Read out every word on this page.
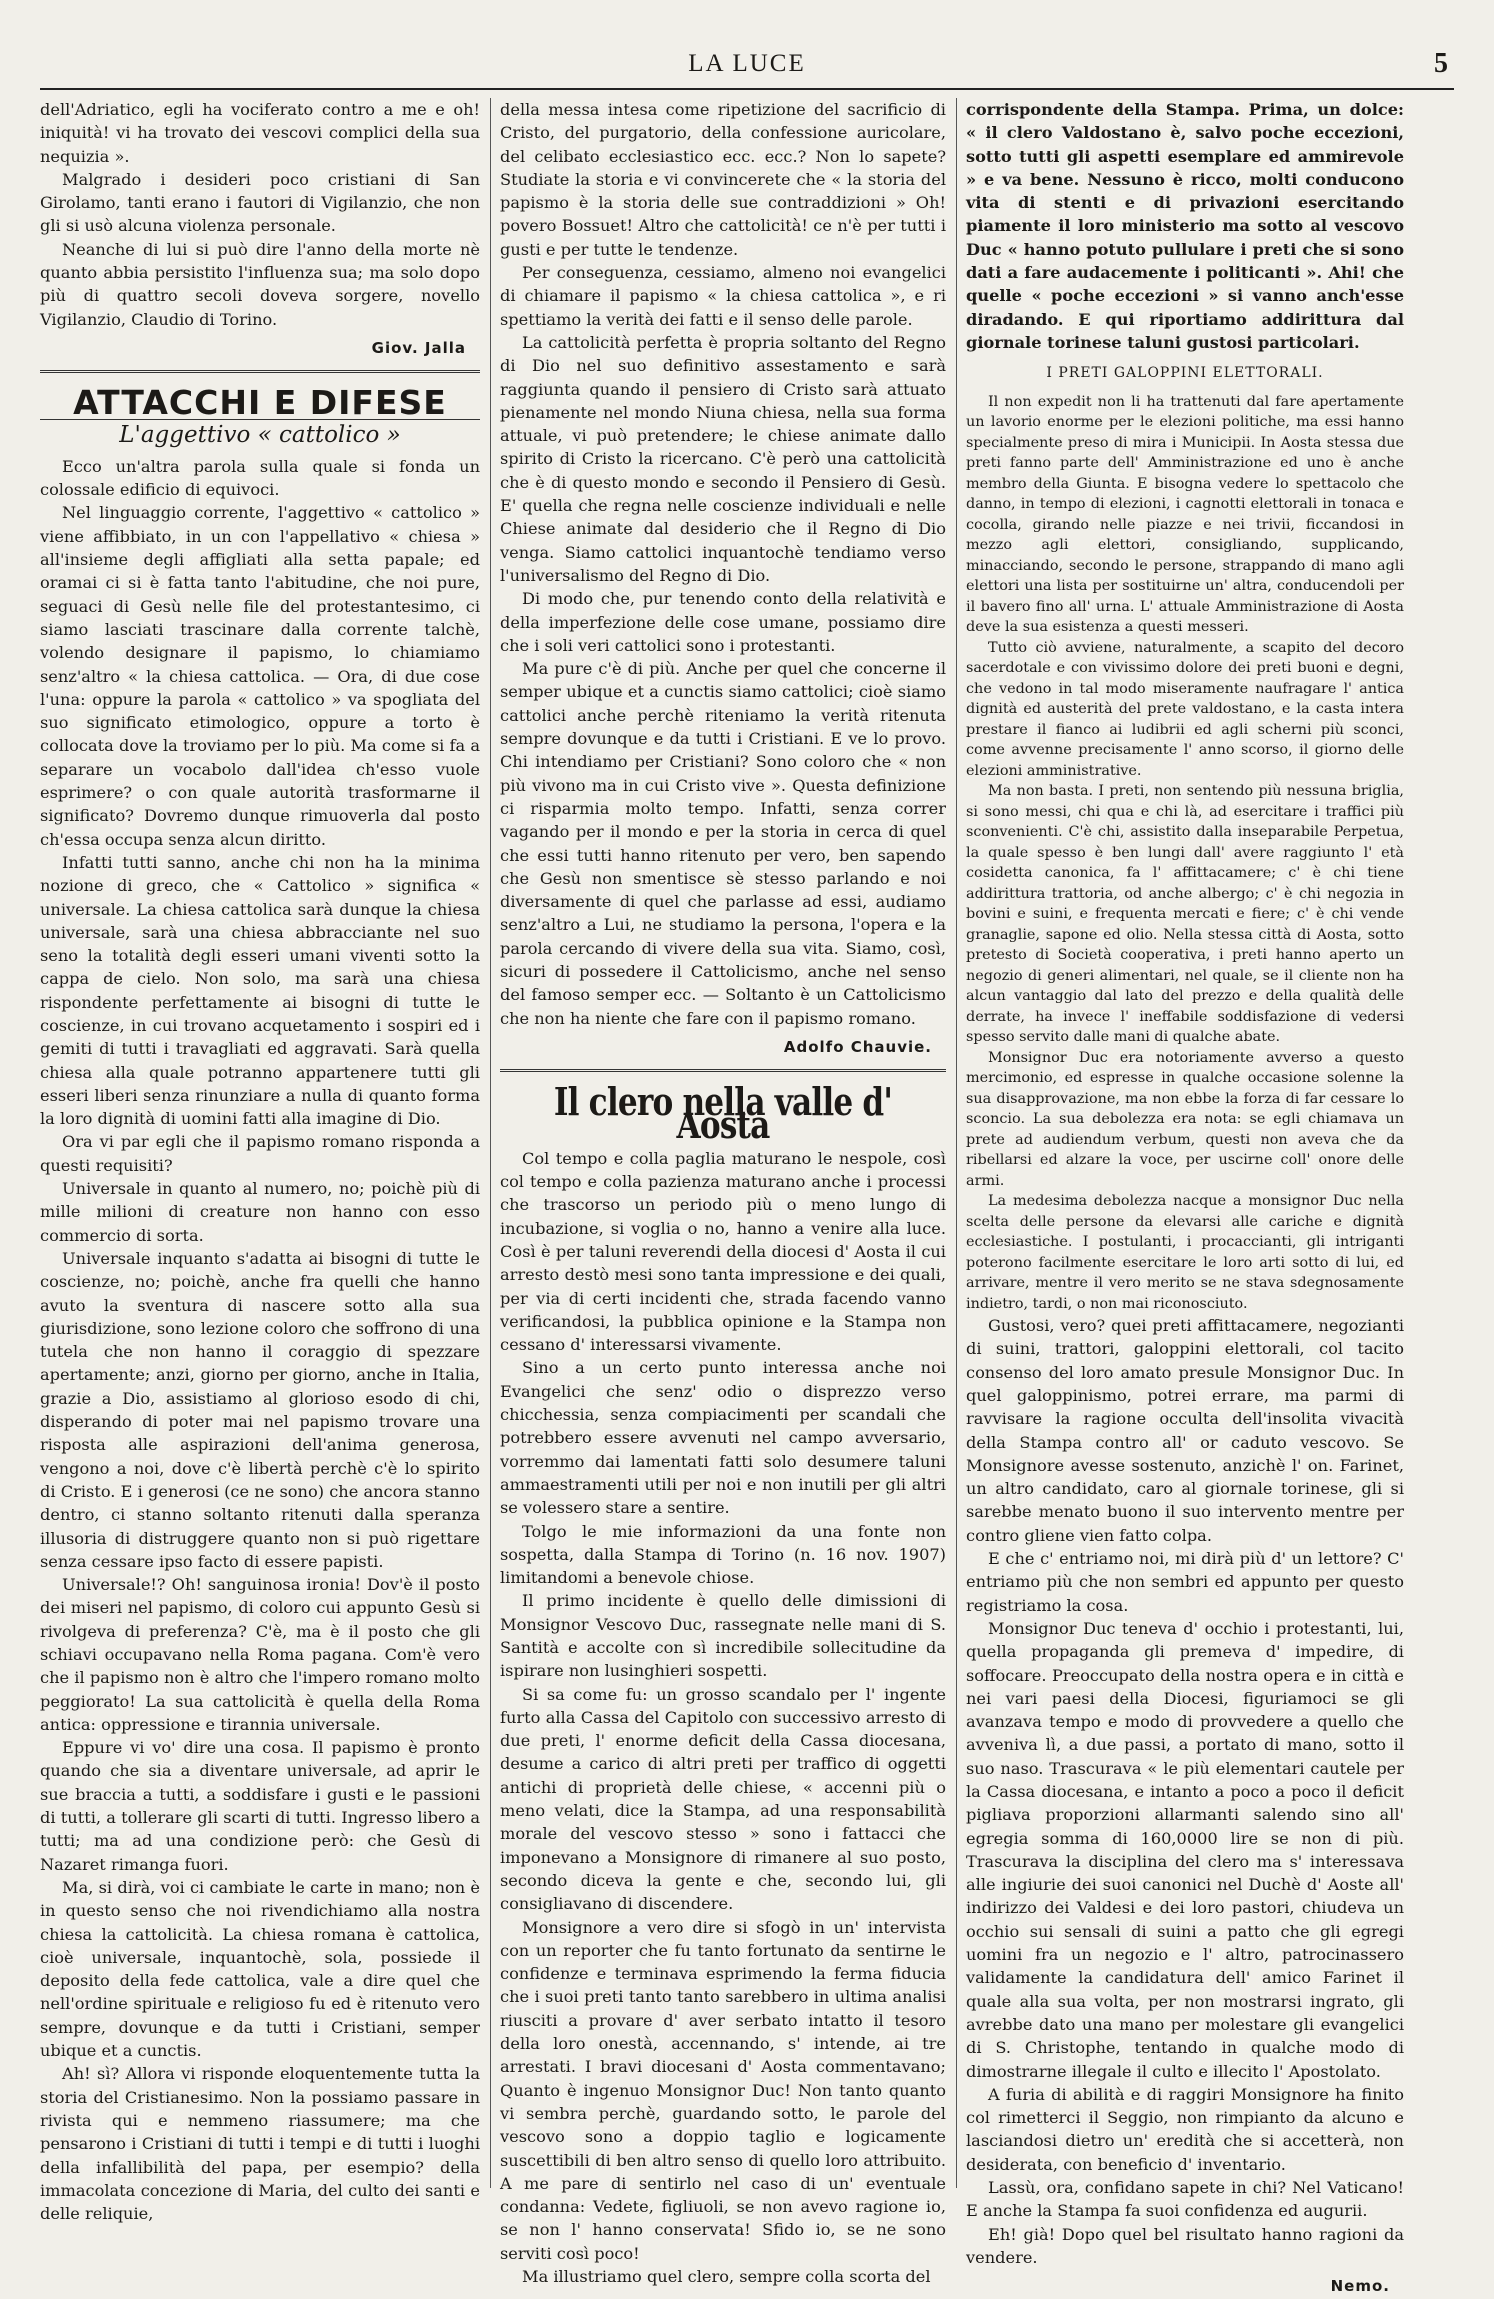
LA LUCE	5

dell'Adriatico, egli ha vociferato contro a me e oh! iniquità! vi ha trovato dei vescovi complici della sua nequizia ».

Malgrado i desideri poco cristiani di San Girolamo, tanti erano i fautori di Vigilanzio, che non gli si usò alcuna violenza personale.

Neanche di lui si può dire l'anno della morte nè quanto abbia persistito l'influenza sua; ma solo dopo più di quattro secoli doveva sorgere, novello Vigilanzio, Claudio di Torino.

Giov. Jalla
ATTACCHI E DIFESE
L'aggettivo « cattolico »

Ecco un'altra parola sulla quale si fonda un colossale edificio di equivoci.

Nel linguaggio corrente, l'aggettivo « cattolico » viene affibbiato, in un con l'appellativo « chiesa » all'insieme degli affigliati alla setta papale; ed oramai ci si è fatta tanto l'abitudine, che noi pure, seguaci di Gesù nelle file del protestantesimo, ci siamo lasciati trascinare dalla corrente talchè, volendo designare il papismo, lo chiamiamo senz'altro « la chiesa cattolica. — Ora, di due cose l'una: oppure la parola « cattolico » va spogliata del suo significato etimologico, oppure a torto è collocata dove la troviamo per lo più. Ma come si fa a separare un vocabolo dall'idea ch'esso vuole esprimere? o con quale autorità trasformarne il significato? Dovremo dunque rimuoverla dal posto ch'essa occupa senza alcun diritto.

Infatti tutti sanno, anche chi non ha la minima nozione di greco, che « Cattolico » significa « universale. La chiesa cattolica sarà dunque la chiesa universale, sarà una chiesa abbracciante nel suo seno la totalità degli esseri umani viventi sotto la cappa de cielo. Non solo, ma sarà una chiesa rispondente perfettamente ai bisogni di tutte le coscienze, in cui trovano acquetamento i sospiri ed i gemiti di tutti i travagliati ed aggravati. Sarà quella chiesa alla quale potranno appartenere tutti gli esseri liberi senza rinunziare a nulla di quanto forma la loro dignità di uomini fatti alla imagine di Dio.

Ora vi par egli che il papismo romano risponda a questi requisiti?

Universale in quanto al numero, no; poichè più di mille milioni di creature non hanno con esso commercio di sorta.

Universale inquanto s'adatta ai bisogni di tutte le coscienze, no; poichè, anche fra quelli che hanno avuto la sventura di nascere sotto alla sua giurisdizione, sono lezione coloro che soffrono di una tutela che non hanno il coraggio di spezzare apertamente; anzi, giorno per giorno, anche in Italia, grazie a Dio, assistiamo al glorioso esodo di chi, disperando di poter mai nel papismo trovare una risposta alle aspirazioni dell'anima generosa, vengono a noi, dove c'è libertà perchè c'è lo spirito di Cristo. E i generosi (ce ne sono) che ancora stanno dentro, ci stanno soltanto ritenuti dalla speranza illusoria di distruggere quanto non si può rigettare senza cessare ipso facto di essere papisti.

Universale!? Oh! sanguinosa ironia! Dov'è il posto dei miseri nel papismo, di coloro cui appunto Gesù si rivolgeva di preferenza? C'è, ma è il posto che gli schiavi occupavano nella Roma pagana. Com'è vero che il papismo non è altro che l'impero romano molto peggiorato! La sua cattolicità è quella della Roma antica: oppressione e tirannia universale.

Eppure vi vo' dire una cosa. Il papismo è pronto quando che sia a diventare universale, ad aprir le sue braccia a tutti, a soddisfare i gusti e le passioni di tutti, a tollerare gli scarti di tutti. Ingresso libero a tutti; ma ad una condizione però: che Gesù di Nazaret rimanga fuori.

Ma, si dirà, voi ci cambiate le carte in mano; non è in questo senso che noi rivendichiamo alla nostra chiesa la cattolicità. La chiesa romana è cattolica, cioè universale, inquantochè, sola, possiede il deposito della fede cattolica, vale a dire quel che nell'ordine spirituale e religioso fu ed è ritenuto vero sempre, dovunque e da tutti i Cristiani, semper ubique et a cunctis.

Ah! sì? Allora vi risponde eloquentemente tutta la storia del Cristianesimo. Non la possiamo passare in rivista qui e nemmeno riassumere; ma che pensarono i Cristiani di tutti i tempi e di tutti i luoghi della infallibilità del papa, per esempio? della immacolata concezione di Maria, del culto dei santi e delle reliquie,

della messa intesa come ripetizione del sacrificio di Cristo, del purgatorio, della confessione auricolare, del celibato ecclesiastico ecc. ecc.? Non lo sapete? Studiate la storia e vi convincerete che « la storia del papismo è la storia delle sue contraddizioni » Oh! povero Bossuet! Altro che cattolicità! ce n'è per tutti i gusti e per tutte le tendenze.

Per conseguenza, cessiamo, almeno noi evangelici di chiamare il papismo « la chiesa cattolica », e ri spettiamo la verità dei fatti e il senso delle parole.

La cattolicità perfetta è propria soltanto del Regno di Dio nel suo definitivo assestamento e sarà raggiunta quando il pensiero di Cristo sarà attuato pienamente nel mondo Niuna chiesa, nella sua forma attuale, vi può pretendere; le chiese animate dallo spirito di Cristo la ricercano. C'è però una cattolicità che è di questo mondo e secondo il Pensiero di Gesù. E' quella che regna nelle coscienze individuali e nelle Chiese animate dal desiderio che il Regno di Dio venga. Siamo cattolici inquantochè tendiamo verso l'universalismo del Regno di Dio.

Di modo che, pur tenendo conto della relatività e della imperfezione delle cose umane, possiamo dire che i soli veri cattolici sono i protestanti.

Ma pure c'è di più. Anche per quel che concerne il semper ubique et a cunctis siamo cattolici; cioè siamo cattolici anche perchè riteniamo la verità ritenuta sempre dovunque e da tutti i Cristiani. E ve lo provo. Chi intendiamo per Cristiani? Sono coloro che « non più vivono ma in cui Cristo vive ». Questa definizione ci risparmia molto tempo. Infatti, senza correr vagando per il mondo e per la storia in cerca di quel che essi tutti hanno ritenuto per vero, ben sapendo che Gesù non smentisce sè stesso parlando e noi diversamente di quel che parlasse ad essi, audiamo senz'altro a Lui, ne studiamo la persona, l'opera e la parola cercando di vivere della sua vita. Siamo, così, sicuri di possedere il Cattolicismo, anche nel senso del famoso semper ecc. — Soltanto è un Cattolicismo che non ha niente che fare con il papismo romano.

Adolfo Chauvie.
Il clero nella valle d' Aosta

Col tempo e colla paglia maturano le nespole, così col tempo e colla pazienza maturano anche i processi che trascorso un periodo più o meno lungo di incubazione, si voglia o no, hanno a venire alla luce. Così è per taluni reverendi della diocesi d' Aosta il cui arresto destò mesi sono tanta impressione e dei quali, per via di certi incidenti che, strada facendo vanno verificandosi, la pubblica opinione e la Stampa non cessano d' interessarsi vivamente.

Sino a un certo punto interessa anche noi Evangelici che senz' odio o disprezzo verso chicchessia, senza compiacimenti per scandali che potrebbero essere avvenuti nel campo avversario, vorremmo dai lamentati fatti solo desumere taluni ammaestramenti utili per noi e non inutili per gli altri se volessero stare a sentire.

Tolgo le mie informazioni da una fonte non sospetta, dalla Stampa di Torino (n. 16 nov. 1907) limitandomi a benevole chiose.

Il primo incidente è quello delle dimissioni di Monsignor Vescovo Duc, rassegnate nelle mani di S. Santità e accolte con sì incredibile sollecitudine da ispirare non lusinghieri sospetti.

Si sa come fu: un grosso scandalo per l' ingente furto alla Cassa del Capitolo con successivo arresto di due preti, l' enorme deficit della Cassa diocesana, desume a carico di altri preti per traffico di oggetti antichi di proprietà delle chiese, « accenni più o meno velati, dice la Stampa, ad una responsabilità morale del vescovo stesso » sono i fattacci che imponevano a Monsignore di rimanere al suo posto, secondo diceva la gente e che, secondo lui, gli consigliavano di discendere.

Monsignore a vero dire si sfogò in un' intervista con un reporter che fu tanto fortunato da sentirne le confidenze e terminava esprimendo la ferma fiducia che i suoi preti tanto tanto sarebbero in ultima analisi riusciti a provare d' aver serbato intatto il tesoro della loro onestà, accennando, s' intende, ai tre arrestati. I bravi diocesani d' Aosta commentavano; Quanto è ingenuo Monsignor Duc! Non tanto quanto vi sembra perchè, guardando sotto, le parole del vescovo sono a doppio taglio e logicamente suscettibili di ben altro senso di quello loro attribuito. A me pare di sentirlo nel caso di un' eventuale condanna: Vedete, figliuoli, se non avevo ragione io, se non l' hanno conservata! Sfido io, se ne sono serviti così poco!

Ma illustriamo quel clero, sempre colla scorta del

corrispondente della Stampa. Prima, un dolce: « il clero Valdostano è, salvo poche eccezioni, sotto tutti gli aspetti esemplare ed ammirevole » e va bene. Nessuno è ricco, molti conducono vita di stenti e di privazioni esercitando piamente il loro ministerio ma sotto al vescovo Duc « hanno potuto pullulare i preti che si sono dati a fare audacemente i politicanti ». Ahi! che quelle « poche eccezioni » si vanno anch'esse diradando. E qui riportiamo addirittura dal giornale torinese taluni gustosi particolari.

I PRETI GALOPPINI ELETTORALI.

Il non expedit non li ha trattenuti dal fare apertamente un lavorio enorme per le elezioni politiche, ma essi hanno specialmente preso di mira i Municipii. In Aosta stessa due preti fanno parte dell' Amministrazione ed uno è anche membro della Giunta. E bisogna vedere lo spettacolo che danno, in tempo di elezioni, i cagnotti elettorali in tonaca e cocolla, girando nelle piazze e nei trivii, ficcandosi in mezzo agli elettori, consigliando, supplicando, minacciando, secondo le persone, strappando di mano agli elettori una lista per sostituirne un' altra, conducendoli per il bavero fino all' urna. L' attuale Amministrazione di Aosta deve la sua esistenza a questi messeri.

Tutto ciò avviene, naturalmente, a scapito del decoro sacerdotale e con vivissimo dolore dei preti buoni e degni, che vedono in tal modo miseramente naufragare l' antica dignità ed austerità del prete valdostano, e la casta intera prestare il fianco ai ludibrii ed agli scherni più sconci, come avvenne precisamente l' anno scorso, il giorno delle elezioni amministrative.

Ma non basta. I preti, non sentendo più nessuna briglia, si sono messi, chi qua e chi là, ad esercitare i traffici più sconvenienti. C'è chi, assistito dalla inseparabile Perpetua, la quale spesso è ben lungi dall' avere raggiunto l' età cosidetta canonica, fa l' affittacamere; c' è chi tiene addirittura trattoria, od anche albergo; c' è chi negozia in bovini e suini, e frequenta mercati e fiere; c' è chi vende granaglie, sapone ed olio. Nella stessa città di Aosta, sotto pretesto di Società cooperativa, i preti hanno aperto un negozio di generi alimentari, nel quale, se il cliente non ha alcun vantaggio dal lato del prezzo e della qualità delle derrate, ha invece l' ineffabile soddisfazione di vedersi spesso servito dalle mani di qualche abate.

Monsignor Duc era notoriamente avverso a questo mercimonio, ed espresse in qualche occasione solenne la sua disapprovazione, ma non ebbe la forza di far cessare lo sconcio. La sua debolezza era nota: se egli chiamava un prete ad audiendum verbum, questi non aveva che da ribellarsi ed alzare la voce, per uscirne coll' onore delle armi.

La medesima debolezza nacque a monsignor Duc nella scelta delle persone da elevarsi alle cariche e dignità ecclesiastiche. I postulanti, i procaccianti, gli intriganti poterono facilmente esercitare le loro arti sotto di lui, ed arrivare, mentre il vero merito se ne stava sdegnosamente indietro, tardi, o non mai riconosciuto.

Gustosi, vero? quei preti affittacamere, negozianti di suini, trattori, galoppini elettorali, col tacito consenso del loro amato presule Monsignor Duc. In quel galoppinismo, potrei errare, ma parmi di ravvisare la ragione occulta dell'insolita vivacità della Stampa contro all' or caduto vescovo. Se Monsignore avesse sostenuto, anzichè l' on. Farinet, un altro candidato, caro al giornale torinese, gli si sarebbe menato buono il suo intervento mentre per contro gliene vien fatto colpa.

E che c' entriamo noi, mi dirà più d' un lettore? C' entriamo più che non sembri ed appunto per questo registriamo la cosa.

Monsignor Duc teneva d' occhio i protestanti, lui, quella propaganda gli premeva d' impedire, di soffocare. Preoccupato della nostra opera e in città e nei vari paesi della Diocesi, figuriamoci se gli avanzava tempo e modo di provvedere a quello che avveniva lì, a due passi, a portato di mano, sotto il suo naso. Trascurava « le più elementari cautele per la Cassa diocesana, e intanto a poco a poco il deficit pigliava proporzioni allarmanti salendo sino all' egregia somma di 160,0000 lire se non di più. Trascurava la disciplina del clero ma s' interessava alle ingiurie dei suoi canonici nel Duchè d' Aoste all' indirizzo dei Valdesi e dei loro pastori, chiudeva un occhio sui sensali di suini a patto che gli egregi uomini fra un negozio e l' altro, patrocinassero validamente la candidatura dell' amico Farinet il quale alla sua volta, per non mostrarsi ingrato, gli avrebbe dato una mano per molestare gli evangelici di S. Christophe, tentando in qualche modo di dimostrarne illegale il culto e illecito l' Apostolato.

A furia di abilità e di raggiri Monsignore ha finito col rimetterci il Seggio, non rimpianto da alcuno e lasciandosi dietro un' eredità che si accetterà, non desiderata, con beneficio d' inventario.

Lassù, ora, confidano sapete in chi? Nel Vaticano! E anche la Stampa fa suoi confidenza ed augurii.

Eh! già! Dopo quel bel risultato hanno ragioni da vendere.

Nemo.
